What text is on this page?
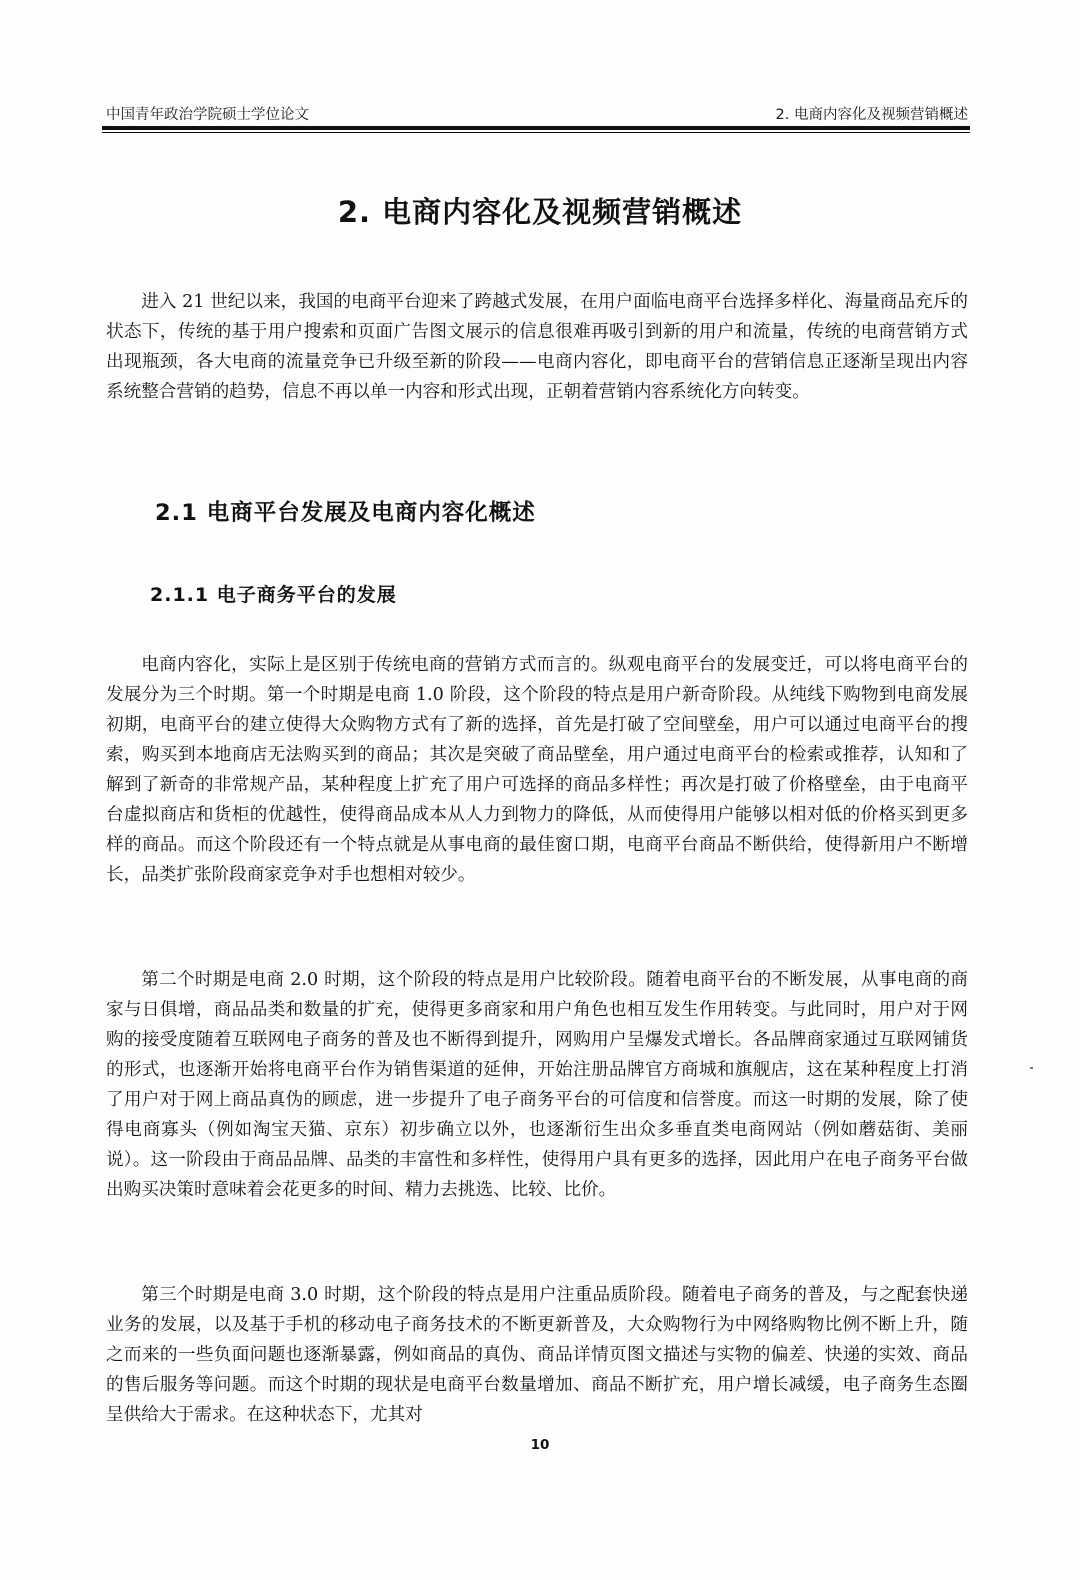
中国青年政治学院硕士学位论文	2. 电商内容化及视频营销概述
2. 电商内容化及视频营销概述

进入 21 世纪以来，我国的电商平台迎来了跨越式发展，在用户面临电商平台选择多样化、海量商品充斥的状态下，传统的基于用户搜索和页面广告图文展示的信息很难再吸引到新的用户和流量，传统的电商营销方式出现瓶颈，各大电商的流量竞争已升级至新的阶段——电商内容化，即电商平台的营销信息正逐渐呈现出内容系统整合营销的趋势，信息不再以单一内容和形式出现，正朝着营销内容系统化方向转变。

2.1 电商平台发展及电商内容化概述
2.1.1 电子商务平台的发展

电商内容化，实际上是区别于传统电商的营销方式而言的。纵观电商平台的发展变迁，可以将电商平台的发展分为三个时期。第一个时期是电商 1.0 阶段，这个阶段的特点是用户新奇阶段。从纯线下购物到电商发展初期，电商平台的建立使得大众购物方式有了新的选择，首先是打破了空间壁垒，用户可以通过电商平台的搜索，购买到本地商店无法购买到的商品；其次是突破了商品壁垒，用户通过电商平台的检索或推荐，认知和了解到了新奇的非常规产品，某种程度上扩充了用户可选择的商品多样性；再次是打破了价格壁垒，由于电商平台虚拟商店和货柜的优越性，使得商品成本从人力到物力的降低，从而使得用户能够以相对低的价格买到更多样的商品。而这个阶段还有一个特点就是从事电商的最佳窗口期，电商平台商品不断供给，使得新用户不断增长，品类扩张阶段商家竞争对手也想相对较少。

第二个时期是电商 2.0 时期，这个阶段的特点是用户比较阶段。随着电商平台的不断发展，从事电商的商家与日俱增，商品品类和数量的扩充，使得更多商家和用户角色也相互发生作用转变。与此同时，用户对于网购的接受度随着互联网电子商务的普及也不断得到提升，网购用户呈爆发式增长。各品牌商家通过互联网铺货的形式，也逐渐开始将电商平台作为销售渠道的延伸，开始注册品牌官方商城和旗舰店，这在某种程度上打消了用户对于网上商品真伪的顾虑，进一步提升了电子商务平台的可信度和信誉度。而这一时期的发展，除了使得电商寡头（例如淘宝天猫、京东）初步确立以外，也逐渐衍生出众多垂直类电商网站（例如蘑菇街、美丽说）。这一阶段由于商品品牌、品类的丰富性和多样性，使得用户具有更多的选择，因此用户在电子商务平台做出购买决策时意味着会花更多的时间、精力去挑选、比较、比价。

第三个时期是电商 3.0 时期，这个阶段的特点是用户注重品质阶段。随着电子商务的普及，与之配套快递业务的发展，以及基于手机的移动电子商务技术的不断更新普及，大众购物行为中网络购物比例不断上升，随之而来的一些负面问题也逐渐暴露，例如商品的真伪、商品详情页图文描述与实物的偏差、快递的实效、商品的售后服务等问题。而这个时期的现状是电商平台数量增加、商品不断扩充，用户增长减缓，电子商务生态圈呈供给大于需求。在这种状态下，尤其对

10
